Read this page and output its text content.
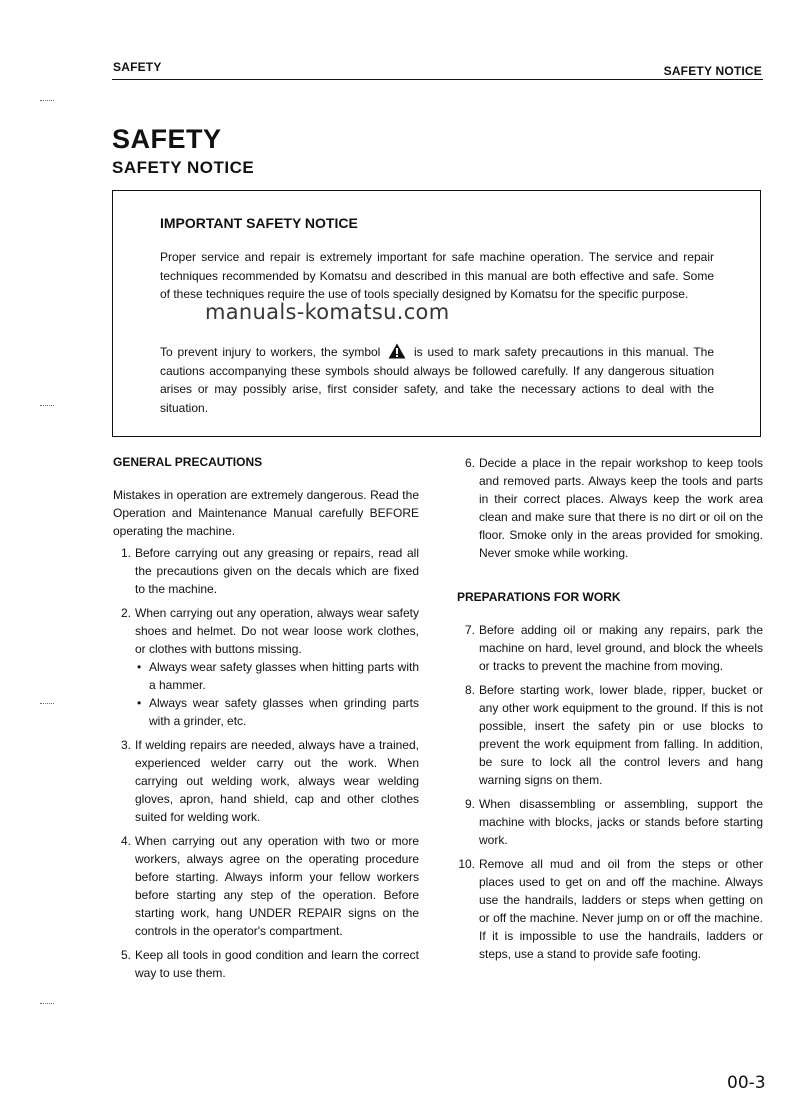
SAFETY	SAFETY NOTICE
SAFETY
SAFETY NOTICE
IMPORTANT SAFETY NOTICE
Proper service and repair is extremely important for safe machine operation. The service and repair techniques recommended by Komatsu and described in this manual are both effective and safe. Some of these techniques require the use of tools specially designed by Komatsu for the specific purpose.
To prevent injury to workers, the symbol	is used to mark safety precautions in this manual. The cautions accompanying these symbols should always be followed carefully. If any dangerous situation arises or may possibly arise, first consider safety, and take the necessary actions to deal with the situation.
manuals-komatsu.com
GENERAL PRECAUTIONS

Mistakes in operation are extremely dangerous. Read the Operation and Maintenance Manual carefully BEFORE operating the machine.

1. Before carrying out any greasing or repairs, read all the precautions given on the decals which are fixed to the machine.
2. When carrying out any operation, always wear safety shoes and helmet. Do not wear loose work clothes, or clothes with buttons missing.
• Always wear safety glasses when hitting parts with a hammer.
• Always wear safety glasses when grinding parts with a grinder, etc.
3. If welding repairs are needed, always have a trained, experienced welder carry out the work. When carrying out welding work, always wear welding gloves, apron, hand shield, cap and other clothes suited for welding work.
4. When carrying out any operation with two or more workers, always agree on the operating procedure before starting. Always inform your fellow workers before starting any step of the operation. Before starting work, hang UNDER REPAIR signs on the controls in the operator's compartment.
5. Keep all tools in good condition and learn the correct way to use them.
6. Decide a place in the repair workshop to keep tools and removed parts. Always keep the tools and parts in their correct places. Always keep the work area clean and make sure that there is no dirt or oil on the floor. Smoke only in the areas provided for smoking. Never smoke while working.
PREPARATIONS FOR WORK
7. Before adding oil or making any repairs, park the machine on hard, level ground, and block the wheels or tracks to prevent the machine from moving.
8. Before starting work, lower blade, ripper, bucket or any other work equipment to the ground. If this is not possible, insert the safety pin or use blocks to prevent the work equipment from falling. In addition, be sure to lock all the control levers and hang warning signs on them.
9. When disassembling or assembling, support the machine with blocks, jacks or stands before starting work.
10. Remove all mud and oil from the steps or other places used to get on and off the machine. Always use the handrails, ladders or steps when getting on or off the machine. Never jump on or off the machine. If it is impossible to use the handrails, ladders or steps, use a stand to provide safe footing.
00-3
